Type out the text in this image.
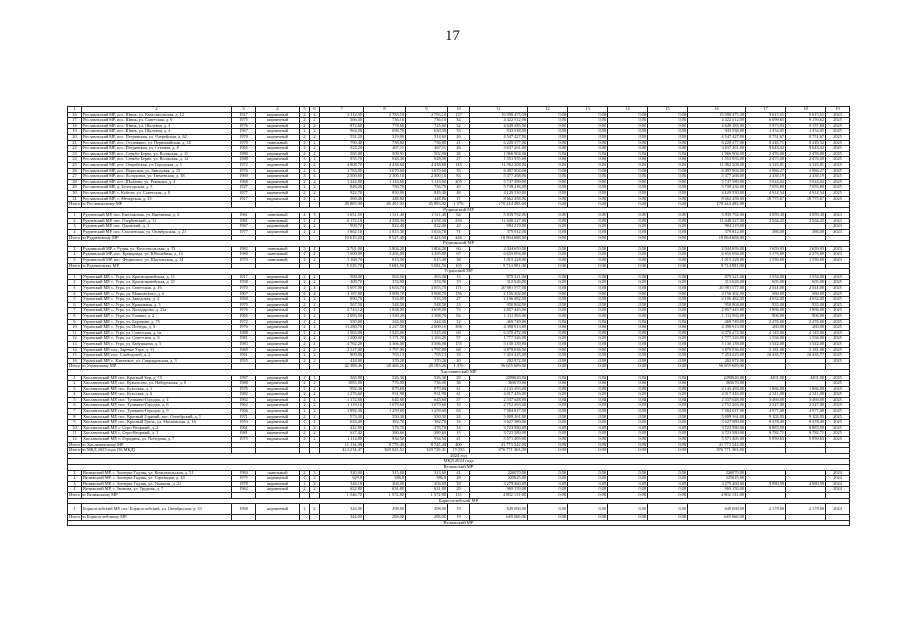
17
1	2	3	4	5	6	7	8	9	10	11	12	13	14	15	16	17	18	19
16	Рославльский МР, пос. Шник, ул. Комсомольская, д. 12	1917	кирпичный	2	4	3 112,30	2 783,10	2 783,10	137	19 098 475,39	0,00	0,00	0,00	0,00	19 098 475,39	5 615,51	5 615,51	2023
17	Рославльский МР, пос. Шник, ул. Советская, д. 9	1975	кирпичный	2	2	366,30	736,10	736,10	34	4 422 512,00	0,00	0,00	0,00	0,00	4 422 512,00	6 099,65	9 159,62	2025
18	Рославльский МР, пос. Шник, ул. Шкловая, д. 3	1976	кирпичный	2	2	872,60	778,60	725,60	32	4 649 285,00	0,00	0,00	0,00	0,00	4 649 285,00	5 973,93	9 157,88	2025
19	Рославльский МР, пос. Шник, ул. Шкловая, д. 4	1967	кирпичный	2	2	962,20	698,70	650,00	33	943 538,00	0,00	0,00	0,00	0,00	943 538,00	1 354,05	1 354,05	2025
20	Рославльский МР, пос. Пегрянская, ул. Озерейская, д. 62	1970	кирпичный	2	2	551,20	519,00	514,60	26	4 547 427,00	0,00	0,00	0,00	0,00	4 547 427,00	8 751,67	8 751,67	2025
21	Рославльский МР, пос. Останкино, ул. Первомайская, д. 18	1979	панельный	2	2	790,40	736,80	736,80	41	6 228 377,00	0,00	0,00	0,00	0,00	6 228 377,00	8 245,71	8 249,52	2025
22	Рославльский МР, пос. Пегрянская, ул. Степная, д. 8	1965	кирпичный	2	2	524,20	467,11	467,11	46	3 637 261,00	0,00	0,00	0,00	0,00	3 637 261,00	9 643,32	9 643,32	2025
23	Рославльский МР, пос. Сеньбо-Берне, ул. Волжская, д. 11	1980	кирпичный	2	2	565,00	509,91	502,90	26	1 966 904,00	0,00	0,00	0,00	0,00	1 966 904,00	2 476,00	2 476,00	2025
24	Рославльский МР, пос. Сеньбо-Берне, ул. Волжская, д. 12	1988	кирпичный	3	2	955,70	928,30	928,30	27	1 553 955,00	0,00	0,00	0,00	0,00	1 553 955,00	2 475,00	2 476,00	2025
25	Рославльский МР, пос. Озерейская, ул. Городская, д. 1	1972	кирпичный	2	4	4 808,70	4 438,60	4 438,60	145	11 962 208,00	0,00	0,00	0,00	0,00	11 962 208,00	3 145,81	3 145,81	2025
26	Рославльский МР, пос. Пересная, ул. Заводская, д. 15	1976	кирпичный	2	4	1 763,00	1 670,60	1 670,60	35	6 497 904,00	0,00	0,00	0,00	0,00	6 497 904,00	3 986,27	3 986,27	2025
27	Рославльский МР, пос. Холодовка, ул. Тюменская, д. 38	1969	кирпичный	3	4	2 500,60	2 300,10	2 300,10	83	5 377 268,00	0,00	0,00	0,00	0,00	5 377 268,00	2 338,19	2 338,19	2025
28	Рославльский МР, пос. Шалаево, ул. Ромашка, д. 4	1968	кирпичный	2	2	1 242,00	1 143,60	1 143,60	205	5 747 589,00	0,00	0,00	0,00	0,00	5 747 589,00	5 024,02	5 024,02	2025
29	Рославльский МР, д. Белогорская, д. 3	1927	кирпичный	2	2	846,20	756,70	756,70	40	5 739 236,00	0,00	0,00	0,00	0,00	5 739 236,00	7 655,80	7 655,80	2025
30	Рославльский МР, с. Кобели, ул. Советская, д. 8	1977	кирпичный	2	2	922,70	850,00	845,40	48	4 129 530,00	0,00	0,00	0,00	0,00	4 129 530,00	4 912,34	4 912,34	2025
31	Рославльский МР, с. Мечерская, д. 23	1917	кирпичный	2	2	569,46	448,80	448,80	17	8 662 458,00	0,00	0,00	0,00	0,00	8 662 458,00	18 775,67	18 775,67	2025
Итого по Рославльскому МР						49 805,90	46 491,02	45 993,92	1 576	178 244 483,00	0,00	0,00	0,00	0,00	178 244 483,00			
Рудненский МР																		
1	Рудненский МР, пос. Емельянова, ул. Вишневая, д. 5	1961	панельный	4	3	1 651,50	1 511,40	1 511,40	64	5 839 792,00	0,00	0,00	0,00	0,00	5 839 792,00	3 859,30	3 859,30	2023
2	Рудненский МР, пос. Озербевский, д. 11	1981	панельный	2	4	6 172,10	4 358,30	4 358,30	230	11 648 227,00	0,00	0,00	0,00	0,00	11 648 227,00	2 564,45	2 564,45	2023
3	Рудненский МР, пос. Одинский, д. 1	1967	кирпичный	2	2	909,70	822,40	822,40	42	984 219,00	0,00	0,00	0,00	0,00	984 219,00			2023
4	Рудненский МР, пос. Смоленская, ул. Октябрьская, д. 21	1977	кирпичный	2	2	1 862,10	1 815,30	1 654,70	71	379 812,00	0,00	0,00	0,00	0,00	379 812,00	386,00	386,00	2023
Итого по Рудненскому МР						10 615,20	8 537,40	8 423,00	446	18 864 608,00	0,00	0,00	0,00	0,00	18 864 608,00			
Руднинский МР																		
1	Руднинский МР, г. Рудня, ул. Комсомольская, д. 53	1982	панельный	5	4	2 761,00	1 804,20	1 804,20	60	2 044 659,00	0,00	0,00	0,00	0,00	2 044 659,00	1 659,93	1 659,93	2023
2	Руднинский МР, пос. Кривцовка, ул. Юбилейная, д. 10	1980	панельный	2	2	1 600,00	1 265,00	1 265,00	67	6 655 094,00	0,00	0,00	0,00	0,00	6 655 094,00	1 276,00	2 276,00	2023
3	Руднинский МР, пос. Фединское, ул. Шагальская, д. 14	1970	панельный	2	2	1 168,70	613,30	613,30	38	1 015 228,00	0,00	0,00	0,00	0,00	1 015 228,00	1 559,09	1 559,09	2023
Итого по Руднинскому МР						5 529,70	3 683,50	3 682,50	165	9 714 981,00	0,00	0,00	0,00	0,00	9 714 981,00			
Угранский МР																		
1	Угранский МР, с. Угра, ул. Красноармейская, д. 11	1917	кирпичный	2	2	509,00	563,00	563,00	15	879 321,00	0,00	0,00	0,00	0,00	879 321,00	1 554,00	1 554,00	2025
2	Угранский МР, с. Угра, ул. Красноармейская, д. 21	1958	кирпичный	2	2	409,70	374,90	374,90	15	312 626,00	0,00	0,00	0,00	0,00	312 626,00	605,00	605,00	2025
3	Угранский МР, с. Угра, ул. Советская, д. 16	1970	кирпичный	2	4	5 697,90	3 653,70	3 653,70	171	20 981 577,00	0,00	0,00	0,00	0,00	20 981 577,00	2 541,00	2 541,00	2025
4	Угранский МР, с. Угра, ул. Маяковского, д. 6	1967	кирпичный	4	4	4 187,80	3 908,70	3 908,70	156	2 156 302,00	0,00	0,00	0,00	0,00	2 156 302,00	560,00	560,00	2025
5	Угранский МР, с. Угра, ул. Заводская, д. 4	1968	кирпичный	2	2	890,70	534,90	533,50	27	2 106 482,00	0,00	0,00	0,00	0,00	2 106 482,00	4 032,00	4 032,00	2025
6	Угранский МР, с. Угра, ул. Крапивная, д. 3	1970	кирпичный	2	2	567,50	548,50	548,50	13	950 804,00	0,00	0,00	0,00	0,00	950 804,00	935,00	935,00	2025
7	Угранский МР, с. Угра, ул. Володарова, д. 21а	1976	кирпичный	2	2	2 743,12	1 658,00	1 658,00	73	2 857 443,00	0,00	0,00	0,00	0,00	2 857 443,00	1 996,00	1 996,00	2025
8	Угранский МР, с. Угра, ул. Глинки, д. 2	1965	кирпичный	2	2	2 093,50	1 330,20	1 308,70	64	1 111 563,00	0,00	0,00	0,00	0,00	1 111 563,00	906,00	906,00	2025
9	Угранский МР, с. Угра, ул. Баранова, д. 75	1972	кирпичный	2	2	350,00	244,00	244,00	12	469 749,00	0,00	0,00	0,00	0,00	469 749,00	2 476,00	2 476,00	2025
10	Угранский МР, с. Угра, ул. Победы, д. 5	1976	кирпичный	2	2	11 280,70	2 227,50	2 009,10	396	4 398 913,00	0,00	0,00	0,00	0,00	4 398 913,00	280,00	280,00	2025
11	Угранский МР, с. Угра, ул. Советская, д. 6а	1988	кирпичный	2	2	1 565,00	1 525,00	1 525,00	69	6 370 472,00	0,00	0,00	0,00	0,00	6 370 472,00	4 143,00	4 143,00	2025
12	Угранский МР, с. Угра, ул. Советская, д. 8	1981	кирпичный	2	2	1 200,00	1 171,70	1 163,20	57	1 777 326,00	0,00	0,00	0,00	0,00	1 777 326,00	1 536,00	1 536,00	2025
13	Угранский МР, с. Угра, ул. Бабушкина, д. 5	1983	кирпичный	2	2	4 762,20	3 366,00	3 366,00	155	5 130 139,00	0,00	0,00	0,00	0,00	5 130 139,00	1 542,00	1 542,00	2025
14	Угранский МР, пос. Заречье Угра, д. 11	1969	кирпичный	2	2	2 127,00	1 797,00	1 797,00	68	3 870 036,00	0,00	0,00	0,00	0,00	3 870 036,00	3 181,00	3 181,00	2025
15	Угранский МР, пос. Слободской, д. 2	1961	кирпичный	2	2	809,00	705,13	705,13	33	7 453 225,00	0,00	0,00	0,00	0,00	7 453 225,00	10 435,77	10 435,77	2025
16	Угранский МР, с. Ключевое, ул. Спиридовская, д. 3	1935	кирпичный	2	2	418,00	370,20	370,20	20	202 972,00	0,00	0,00	0,00	0,00	202 972,00			2025
Итого по Угранскому МР						42 308,46	28 468,26	28 185,26	1 370	56 655 609,00	0,00	0,00	0,00	0,00	56 655 609,00			
Хиславичский МР																		
1	Хиславичский МР, пос. Красный Бор, д. 15	1997	кирпичный	2	3	565,80	526,30	526,30	29	2290620,00	0,00	0,00	0,00	0,00	2290620,00	4201,00	4201,00	2025
2	Хиславичский МР, пос. Бужкисево, ул. Набережная, д. 8	1988	кирпичный	2	2	1085,00	776,00	736,00	36	365670,00	0,00	0,00	0,00	0,00	365670,00			2025
3	Хиславичский МР, пос. Бухоская, д. 1	1976	кирпичный	2	2	992,36	879,60	879,60	41	2 143 493,00	0,00	0,00	0,00	0,00	2 143 493,00	1 866,00	1 866,00	2025
4	Хиславичский МР, пос. Бухоская, д. 6	1982	кирпичный	2	2	1 276,60	931,90	931,90	41	4 017 416,00	0,00	0,00	0,00	0,00	4 017 416,00	4 311,00	4 311,00	2025
5	Хиславичский МР, пос. Тушкино-Городок, д. 4	1962	кирпичный	2	2	1 172,60	645,60	645,60	37	2 337 648,00	0,00	0,00	0,00	0,00	2 337 648,00	3 469,00	3 469,00	2025
6	Хиславичский МР, пос. Тушкино-Городок, д. 6	1962	кирпичный	2	2	1 119,10	1 079,60	1 079,60	33	2 752 263,00	0,00	0,00	0,00	0,00	2 752 263,00	2 547,00	2 547,00	2025
7	Хиславичский МР, пос. Тушкино-Городок, д. 9	1966	кирпичный	2	2	1 992,30	1 259,60	1 259,60	63	7 584 017,00	0,00	0,00	0,00	0,00	7 584 017,00	4 977,00	4 977,00	2025
8	Хиславичский МР, пос. Красный Горячий, пос. Оснебрский, д. 1	1971	кирпичный	2	2	573,30	550,30	550,30	24	5 009 161,00	0,00	0,00	0,00	0,00	5 009 161,00	9 102,05	9 102,05	2025
9	Хиславичский МР, пос. Красный Гроль, ул. Московская, д. 16	1953	кирпичный	2	2	643,40	382,70	382,70	16	3 627 580,00	0,00	0,00	0,00	0,00	3 627 580,00	9 478,49	9 478,49	2025
10	Хиславичский МР, с. Серо-Вторжий, д. 2	1961	кирпичный	2	2	422,90	376,70	376,70	14	3 723 580,00	0,00	0,00	0,00	0,00	3 723 580,00	9 883,59	9 883,59	2025
11	Хиславичский МР, с. Серо-Вторжий, д. 3	1981	кирпичный	2	2	627,42	380,60	380,60	13	3 723 580,00	0,00	0,00	0,00	0,00	3 723 580,00	9 782,71	9 782,71	2025
12	Хиславичский МР, с. Городник, ул. Победная, д. 7	1975	кирпичный	2	2	1 114,00	934,50	934,50	41	5 571 405,00	0,00	0,00	0,00	0,00	5 571 405,00	5 959,63	5 959,63	2025
Итого по Хиславичскому МР						11 114,98	8 779,40	8 745,40	400	41 773 542,00	0,00	0,00	0,00	0,00	41 773 542,00			
Итого по МКД 2025 года (56 МКД)						414 214,47	369 023,52	329 729,41	15 255	876 771 363,00	0,00	0,00	0,00	0,00	876 771 363,00			
2024 год																		
МКД 2024 года																		
Велижский МР																		
1	Велижский МР, с. Заозерье Гадзик, ул. Комсомольская, д. 51	1984	панельный	2	3	320,00	315,60	313,60	41	226070,00	0,00	0,00	0,00	0,00	226070,00			2024
2	Велижский МР, с. Заозерье Гадзик, ул. Стрельцов, д. 40	1975	кирпичный	2	2	629,8	586,8	586,8	28	325625,00	0,00	0,00	0,00	0,00	325625,00			2024
3	Велижский МР, с. Заозерье Гадзик, ул. Ушакова, д. 21	1978	кирпичный	2	2	346,10	304,00	304,00	18	3 279 460,00	0,00	0,00	0,00	0,00	3 279 460,00	9 980,59	4 980,59	2024
4	Велижский МР, с. Звонова, ул. Трудная, д. 7	1962	кирпичный	2	2	632,80	631,80	631,80	29	969 150,00	0,00	0,00	0,00	0,00	969 150,00			2024
Итого по Велижскому МР						1 546,70	1 572,80	1 572,80	115	4 802 131,00	0,00	0,00	0,00	0,00	4 802 131,00			
Борисоглебский МР																		
1	Борисоглебский МР, пос. Борисоглебский, ул. Октябрьская, д. 33	1968	кирпичный	2	2	344,00	298,00	298,00	19	649 060,00	0,00	0,00	0,00	0,00	649 060,00	2 178,00	2 178,00	2024
Итого по Борисоглебскому МР						344,00	298,00	298,00	19	649 060,00	0,00	0,00	0,00	0,00	649 060,00			
Велижский МР																		
